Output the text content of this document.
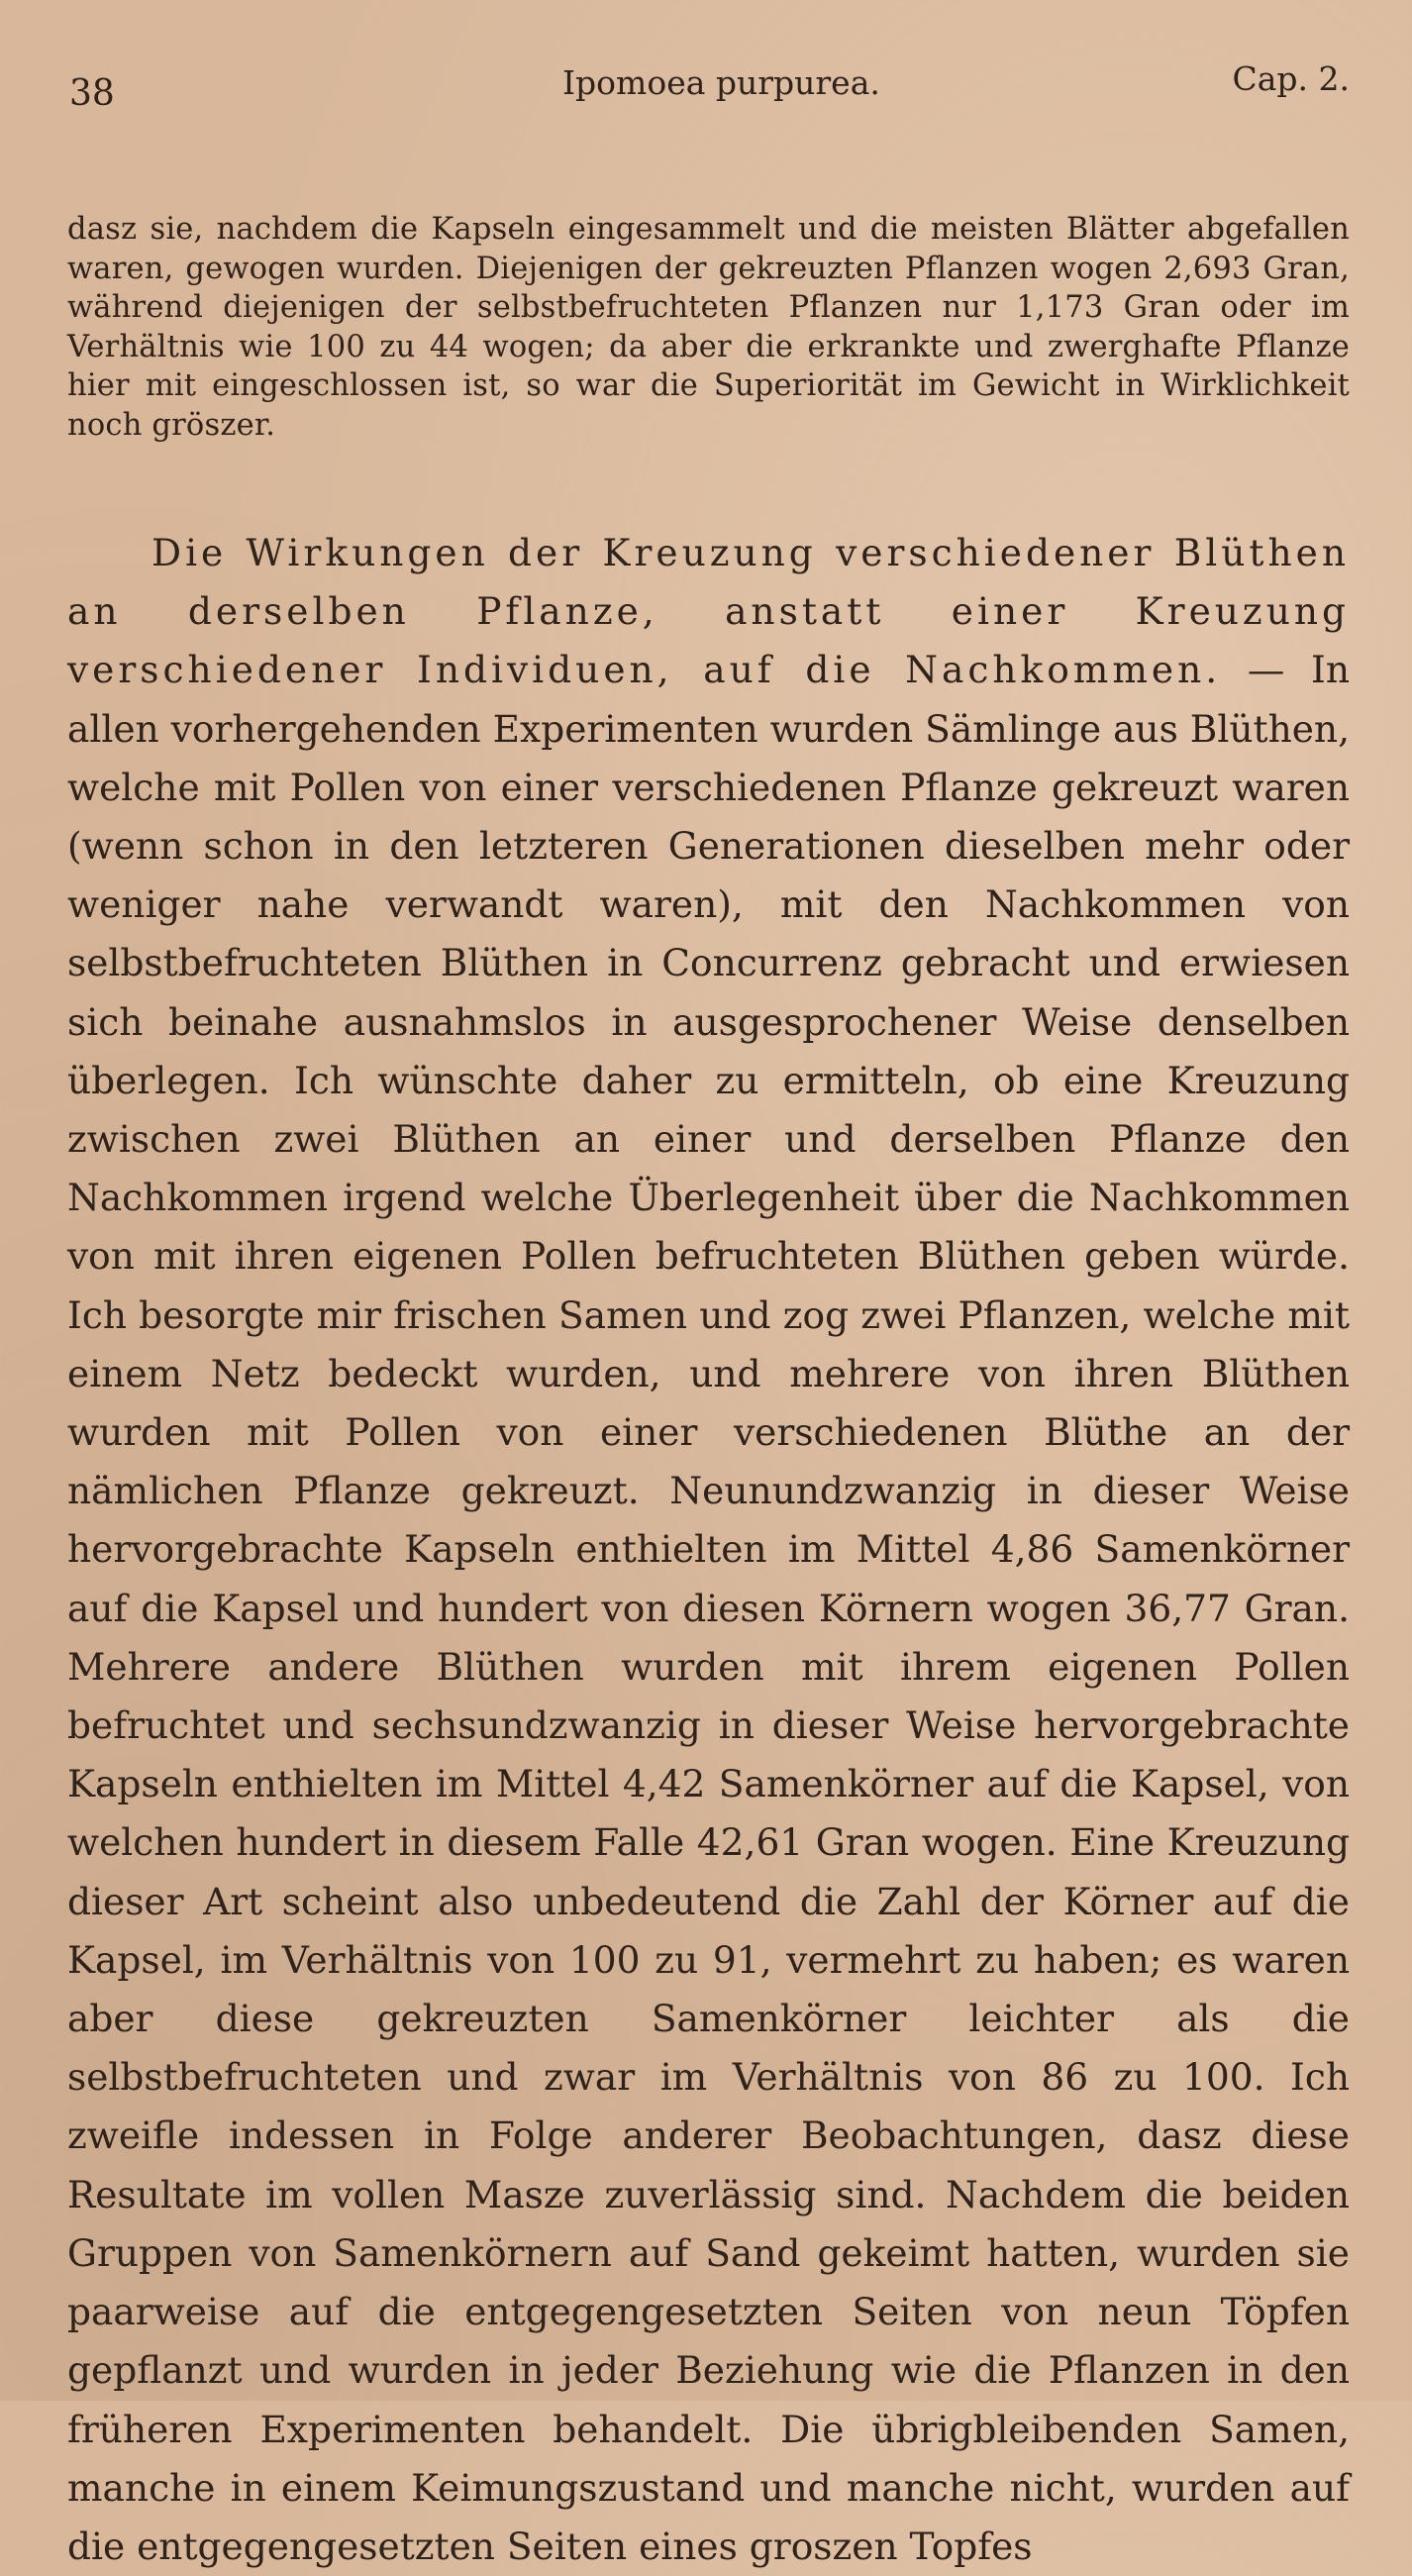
38	Ipomoea purpurea.	Cap. 2.

dasz sie, nachdem die Kapseln eingesammelt und die meisten Blätter abgefallen waren, gewogen wurden. Diejenigen der gekreuzten Pflanzen wogen 2,693 Gran, während diejenigen der selbstbefruchteten Pflanzen nur 1,173 Gran oder im Verhältnis wie 100 zu 44 wogen; da aber die erkrankte und zwerghafte Pflanze hier mit eingeschlossen ist, so war die Superiorität im Gewicht in Wirklichkeit noch gröszer.

Die Wirkungen der Kreuzung verschiedener Blüthen an derselben Pflanze, anstatt einer Kreuzung verschiedener Individuen, auf die Nachkommen. — In allen vorhergehenden Experimenten wurden Sämlinge aus Blüthen, welche mit Pollen von einer verschiedenen Pflanze gekreuzt waren (wenn schon in den letzteren Generationen dieselben mehr oder weniger nahe verwandt waren), mit den Nachkommen von selbstbefruchteten Blüthen in Concurrenz gebracht und erwiesen sich beinahe ausnahmslos in ausgesprochener Weise denselben überlegen. Ich wünschte daher zu ermitteln, ob eine Kreuzung zwischen zwei Blüthen an einer und derselben Pflanze den Nachkommen irgend welche Überlegenheit über die Nachkommen von mit ihren eigenen Pollen befruchteten Blüthen geben würde. Ich besorgte mir frischen Samen und zog zwei Pflanzen, welche mit einem Netz bedeckt wurden, und mehrere von ihren Blüthen wurden mit Pollen von einer verschiedenen Blüthe an der nämlichen Pflanze gekreuzt. Neunundzwanzig in dieser Weise hervorgebrachte Kapseln enthielten im Mittel 4,86 Samenkörner auf die Kapsel und hundert von diesen Körnern wogen 36,77 Gran. Mehrere andere Blüthen wurden mit ihrem eigenen Pollen befruchtet und sechsundzwanzig in dieser Weise hervorgebrachte Kapseln enthielten im Mittel 4,42 Samenkörner auf die Kapsel, von welchen hundert in diesem Falle 42,61 Gran wogen. Eine Kreuzung dieser Art scheint also unbedeutend die Zahl der Körner auf die Kapsel, im Verhältnis von 100 zu 91, vermehrt zu haben; es waren aber diese gekreuzten Samenkörner leichter als die selbstbefruchteten und zwar im Verhältnis von 86 zu 100. Ich zweifle indessen in Folge anderer Beobachtungen, dasz diese Resultate im vollen Masze zuverlässig sind. Nachdem die beiden Gruppen von Samenkörnern auf Sand gekeimt hatten, wurden sie paarweise auf die entgegengesetzten Seiten von neun Töpfen gepflanzt und wurden in jeder Beziehung wie die Pflanzen in den früheren Experimenten behandelt. Die übrigbleibenden Samen, manche in einem Keimungszustand und manche nicht, wurden auf die entgegengesetzten Seiten eines groszen Topfes
